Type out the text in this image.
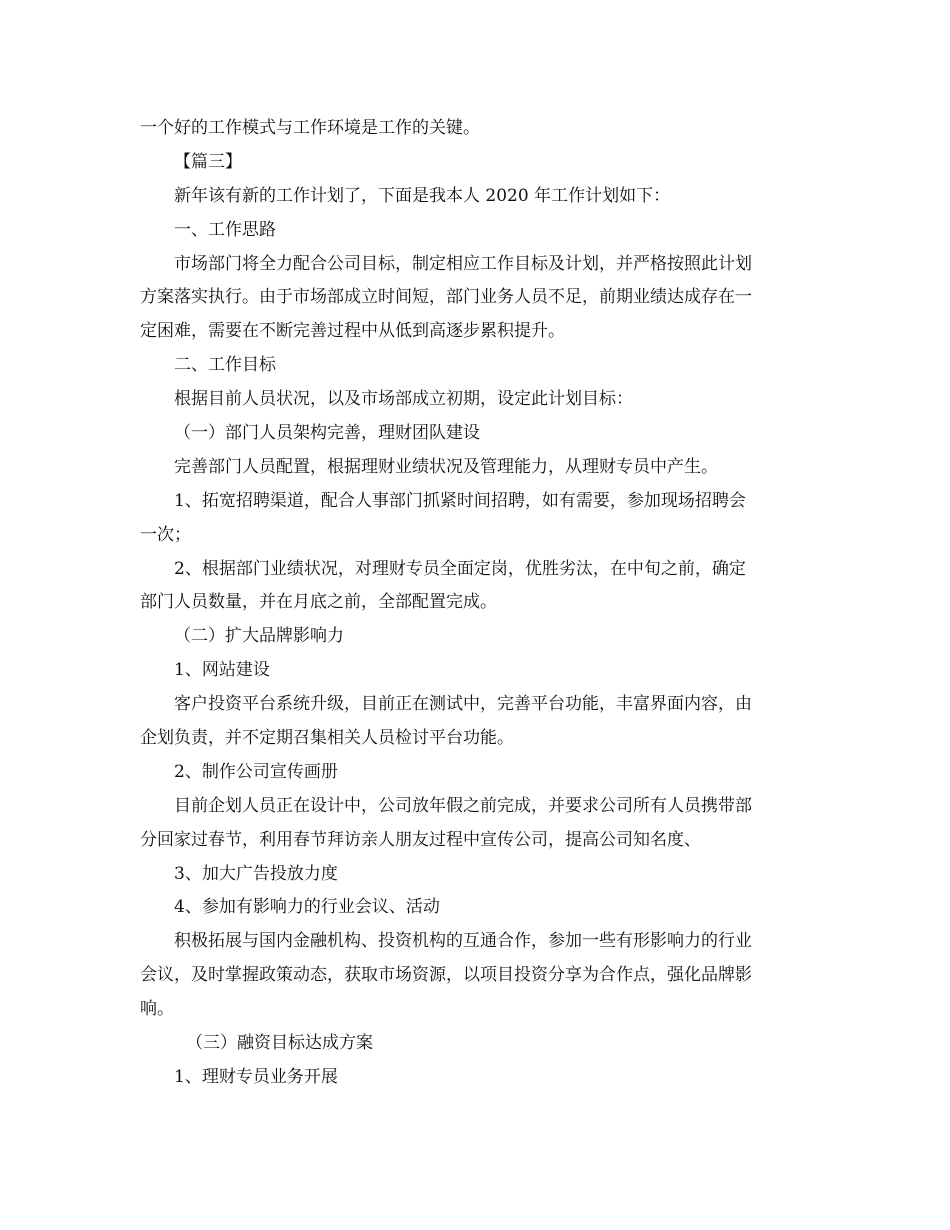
一个好的工作模式与工作环境是工作的关键。
【篇三】
新年该有新的工作计划了，下面是我本人 2020 年工作计划如下：
一、工作思路
市场部门将全力配合公司目标，制定相应工作目标及计划，并严格按照此计划
方案落实执行。由于市场部成立时间短，部门业务人员不足，前期业绩达成存在一
定困难，需要在不断完善过程中从低到高逐步累积提升。
二、工作目标
根据目前人员状况，以及市场部成立初期，设定此计划目标：
（一）部门人员架构完善，理财团队建设
完善部门人员配置，根据理财业绩状况及管理能力，从理财专员中产生。
1、拓宽招聘渠道，配合人事部门抓紧时间招聘，如有需要，参加现场招聘会
一次；
2、根据部门业绩状况，对理财专员全面定岗，优胜劣汰，在中旬之前，确定
部门人员数量，并在月底之前，全部配置完成。
（二）扩大品牌影响力
1、网站建设
客户投资平台系统升级，目前正在测试中，完善平台功能，丰富界面内容，由
企划负责，并不定期召集相关人员检讨平台功能。
2、制作公司宣传画册
目前企划人员正在设计中，公司放年假之前完成，并要求公司所有人员携带部
分回家过春节，利用春节拜访亲人朋友过程中宣传公司，提高公司知名度、
3、加大广告投放力度
4、参加有影响力的行业会议、活动
积极拓展与国内金融机构、投资机构的互通合作，参加一些有形影响力的行业
会议，及时掌握政策动态，获取市场资源，以项目投资分享为合作点，强化品牌影
响。
（三）融资目标达成方案
1、理财专员业务开展
